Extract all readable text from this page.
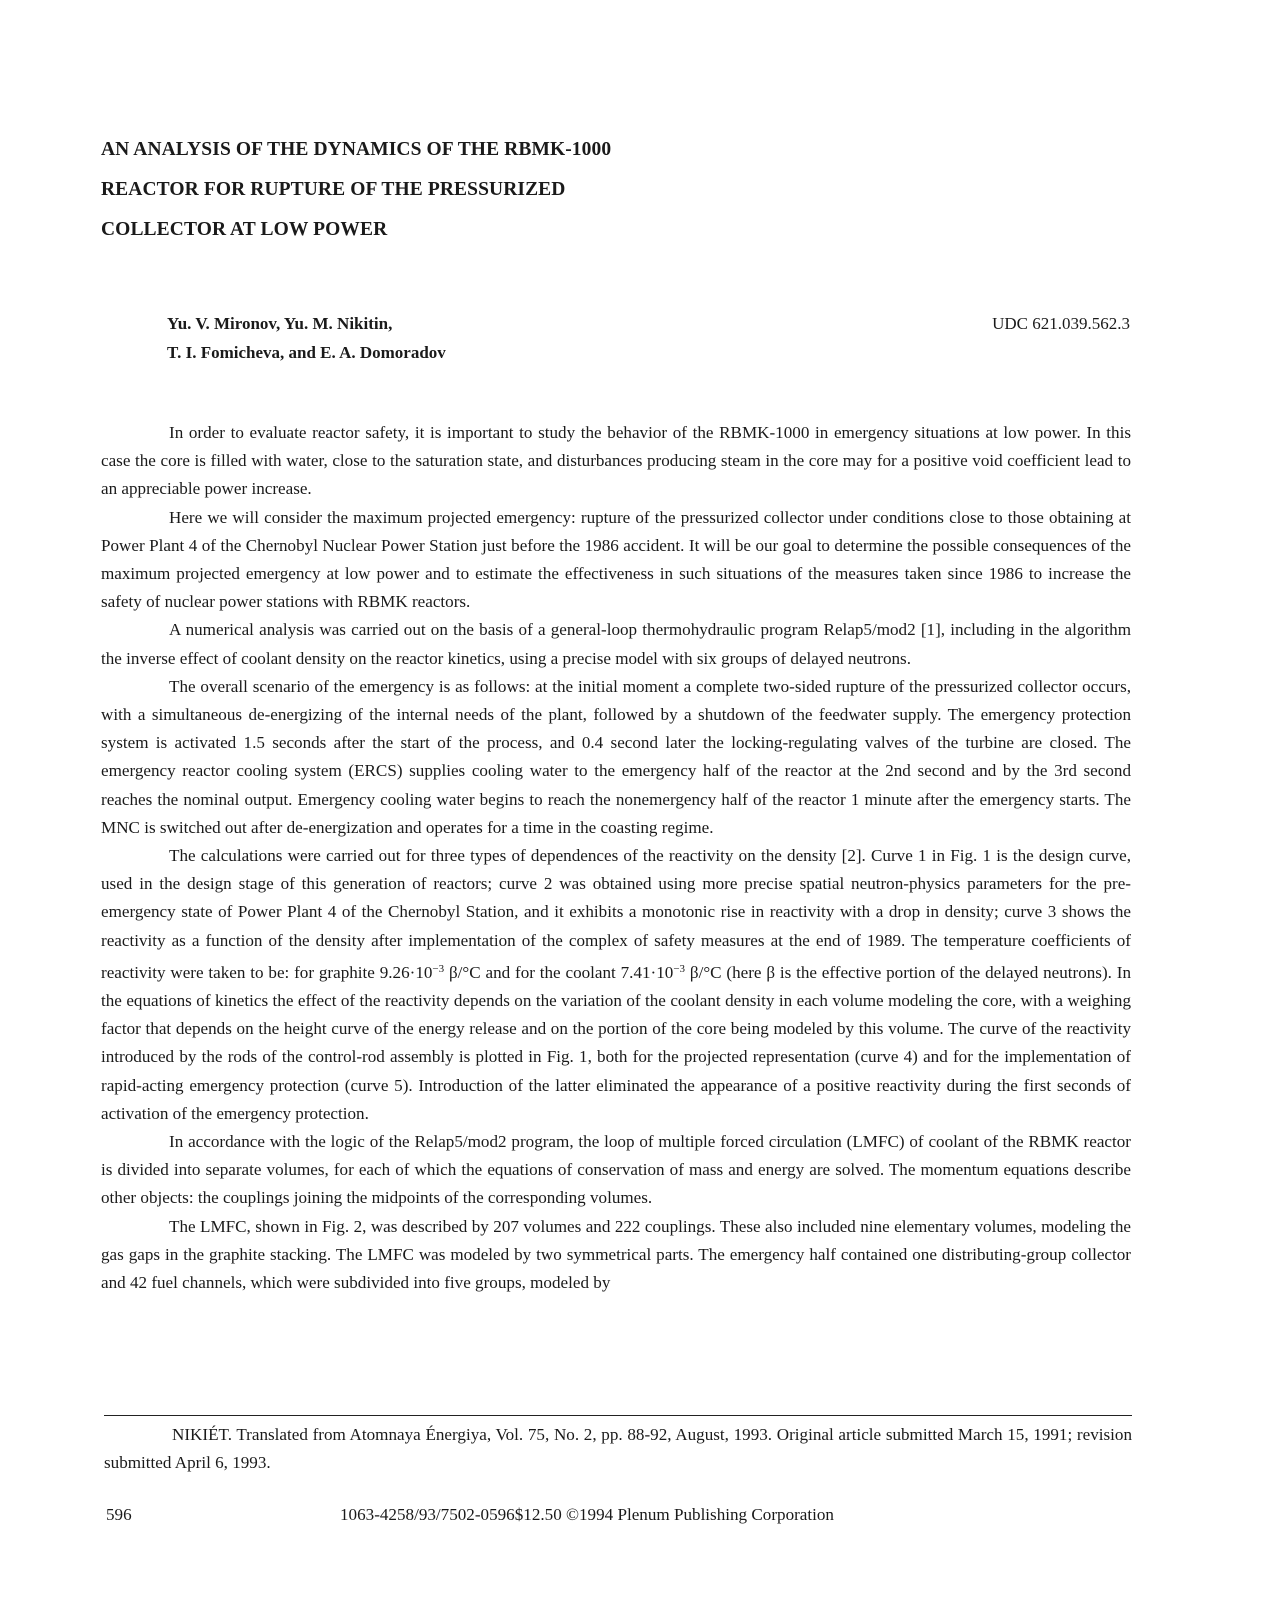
AN ANALYSIS OF THE DYNAMICS OF THE RBMK-1000
REACTOR FOR RUPTURE OF THE PRESSURIZED
COLLECTOR AT LOW POWER
Yu. V. Mironov, Yu. M. Nikitin,
T. I. Fomicheva, and E. A. Domoradov
UDC 621.039.562.3

In order to evaluate reactor safety, it is important to study the behavior of the RBMK-1000 in emergency situations at low power. In this case the core is filled with water, close to the saturation state, and disturbances producing steam in the core may for a positive void coefficient lead to an appreciable power increase.

Here we will consider the maximum projected emergency: rupture of the pressurized collector under conditions close to those obtaining at Power Plant 4 of the Chernobyl Nuclear Power Station just before the 1986 accident. It will be our goal to determine the possible consequences of the maximum projected emergency at low power and to estimate the effectiveness in such situations of the measures taken since 1986 to increase the safety of nuclear power stations with RBMK reactors.

A numerical analysis was carried out on the basis of a general-loop thermohydraulic program Relap5/mod2 [1], including in the algorithm the inverse effect of coolant density on the reactor kinetics, using a precise model with six groups of delayed neutrons.

The overall scenario of the emergency is as follows: at the initial moment a complete two-sided rupture of the pressurized collector occurs, with a simultaneous de-energizing of the internal needs of the plant, followed by a shutdown of the feedwater supply. The emergency protection system is activated 1.5 seconds after the start of the process, and 0.4 second later the locking-regulating valves of the turbine are closed. The emergency reactor cooling system (ERCS) supplies cooling water to the emergency half of the reactor at the 2nd second and by the 3rd second reaches the nominal output. Emergency cooling water begins to reach the nonemergency half of the reactor 1 minute after the emergency starts. The MNC is switched out after de-energization and operates for a time in the coasting regime.

The calculations were carried out for three types of dependences of the reactivity on the density [2]. Curve 1 in Fig. 1 is the design curve, used in the design stage of this generation of reactors; curve 2 was obtained using more precise spatial neutron-physics parameters for the pre-emergency state of Power Plant 4 of the Chernobyl Station, and it exhibits a monotonic rise in reactivity with a drop in density; curve 3 shows the reactivity as a function of the density after implementation of the complex of safety measures at the end of 1989. The temperature coefficients of reactivity were taken to be: for graphite $9.26\cdot 10^{-3}$ β/°C and for the coolant $7.41\cdot 10^{-3}$ β/°C (here β is the effective portion of the delayed neutrons). In the equations of kinetics the effect of the reactivity depends on the variation of the coolant density in each volume modeling the core, with a weighing factor that depends on the height curve of the energy release and on the portion of the core being modeled by this volume. The curve of the reactivity introduced by the rods of the control-rod assembly is plotted in Fig. 1, both for the projected representation (curve 4) and for the implementation of rapid-acting emergency protection (curve 5). Introduction of the latter eliminated the appearance of a positive reactivity during the first seconds of activation of the emergency protection.

In accordance with the logic of the Relap5/mod2 program, the loop of multiple forced circulation (LMFC) of coolant of the RBMK reactor is divided into separate volumes, for each of which the equations of conservation of mass and energy are solved. The momentum equations describe other objects: the couplings joining the midpoints of the corresponding volumes.

The LMFC, shown in Fig. 2, was described by 207 volumes and 222 couplings. These also included nine elementary volumes, modeling the gas gaps in the graphite stacking. The LMFC was modeled by two symmetrical parts. The emergency half contained one distributing-group collector and 42 fuel channels, which were subdivided into five groups, modeled by

NIKIÉT. Translated from Atomnaya Énergiya, Vol. 75, No. 2, pp. 88-92, August, 1993. Original article submitted March 15, 1991; revision submitted April 6, 1993.
596	1063-4258/93/7502-0596$12.50 ©1994 Plenum Publishing Corporation
